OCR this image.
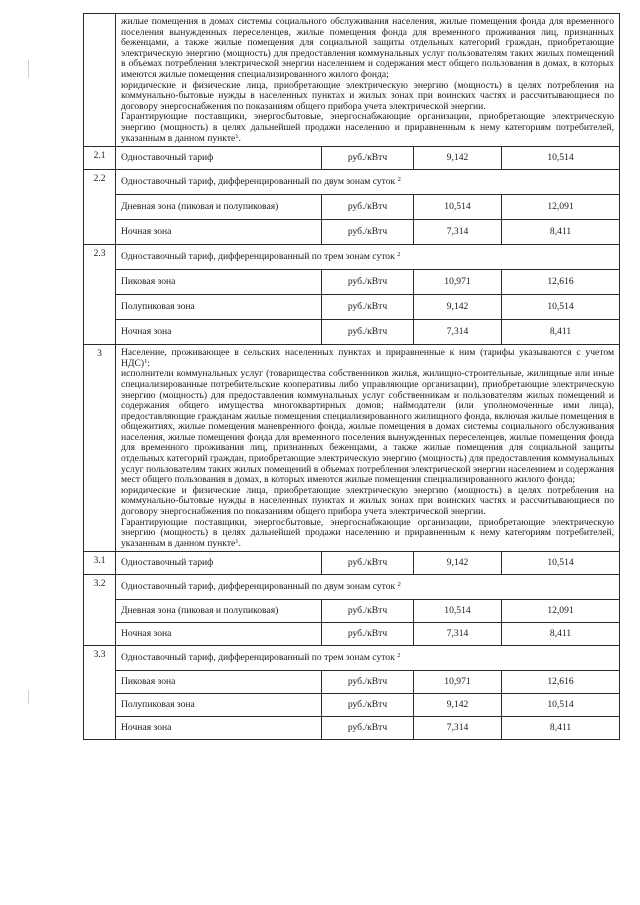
	жилые помещения в домах системы социального обслуживания населения, жилые помещения фонда для временного поселения вынужденных переселенцев, жилые помещения фонда для временного проживания лиц, признанных беженцами, а также жилые помещения для социальной защиты отдельных категорий граждан, приобретающие электрическую энергию (мощность) для предоставления коммунальных услуг пользователям таких жилых помещений в объемах потребления электрической энергии населением и содержания мест общего пользования в домах, в которых имеются жилые помещения специализированного жилого фонда;

юридические и физические лица, приобретающие электрическую энергию (мощность) в целях потребления на коммунально-бытовые нужды в населенных пунктах и жилых зонах при воинских частях и рассчитывающиеся по договору энергоснабжения по показаниям общего прибора учета электрической энергии.

Гарантирующие поставщики, энергосбытовые, энергоснабжающие организации, приобретающие электрическую энергию (мощность) в целях дальнейшей продажи населению и приравненным к нему категориям потребителей, указанным в данном пункте$^1$.			

2.1	Одноставочный тариф	руб./кВтч	9,142	10,514
2.2	Одноставочный тариф, дифференцированный по двум зонам суток $^2$
	Дневная зона (пиковая и полупиковая)	руб./кВтч	10,514	12,091
	Ночная зона	руб./кВтч	7,314	8,411
2.3	Одноставочный тариф, дифференцированный по трем зонам суток $^2$
	Пиковая зона	руб./кВтч	10,971	12,616
	Полупиковая зона	руб./кВтч	9,142	10,514
	Ночная зона	руб./кВтч	7,314	8,411
3	Население, проживающее в сельских населенных пунктах и приравненные к ним (тарифы указываются с учетом НДС)$^1$:

исполнители коммунальных услуг (товарищества собственников жилья, жилищно-строительные, жилищные или иные специализированные потребительские кооперативы либо управляющие организации), приобретающие электрическую энергию (мощность) для предоставления коммунальных услуг собственникам и пользователям жилых помещений и содержания общего имущества многоквартирных домов; наймодатели (или уполномоченные ими лица), предоставляющие гражданам жилые помещения специализированного жилищного фонда, включая жилые помещения в общежитиях, жилые помещения маневренного фонда, жилые помещения в домах системы социального обслуживания населения, жилые помещения фонда для временного поселения вынужденных переселенцев, жилые помещения фонда для временного проживания лиц, признанных беженцами, а также жилые помещения для социальной защиты отдельных категорий граждан, приобретающие электрическую энергию (мощность) для предоставления коммунальных услуг пользователям таких жилых помещений в объемах потребления электрической энергии населением и содержания мест общего пользования в домах, в которых имеются жилые помещения специализированного жилого фонда;

юридические и физические лица, приобретающие электрическую энергию (мощность) в целях потребления на коммунально-бытовые нужды в населенных пунктах и жилых зонах при воинских частях и рассчитывающиеся по договору энергоснабжения по показаниям общего прибора учета электрической энергии.

Гарантирующие поставщики, энергосбытовые, энергоснабжающие организации, приобретающие электрическую энергию (мощность) в целях дальнейшей продажи населению и приравненным к нему категориям потребителей, указанным в данном пункте$^1$.			

3.1	Одноставочный тариф	руб./кВтч	9,142	10,514
3.2	Одноставочный тариф, дифференцированный по двум зонам суток $^2$
	Дневная зона (пиковая и полупиковая)	руб./кВтч	10,514	12,091
	Ночная зона	руб./кВтч	7,314	8,411
3.3	Одноставочный тариф, дифференцированный по трем зонам суток $^2$
	Пиковая зона	руб./кВтч	10,971	12,616
	Полупиковая зона	руб./кВтч	9,142	10,514
	Ночная зона	руб./кВтч	7,314	8,411
